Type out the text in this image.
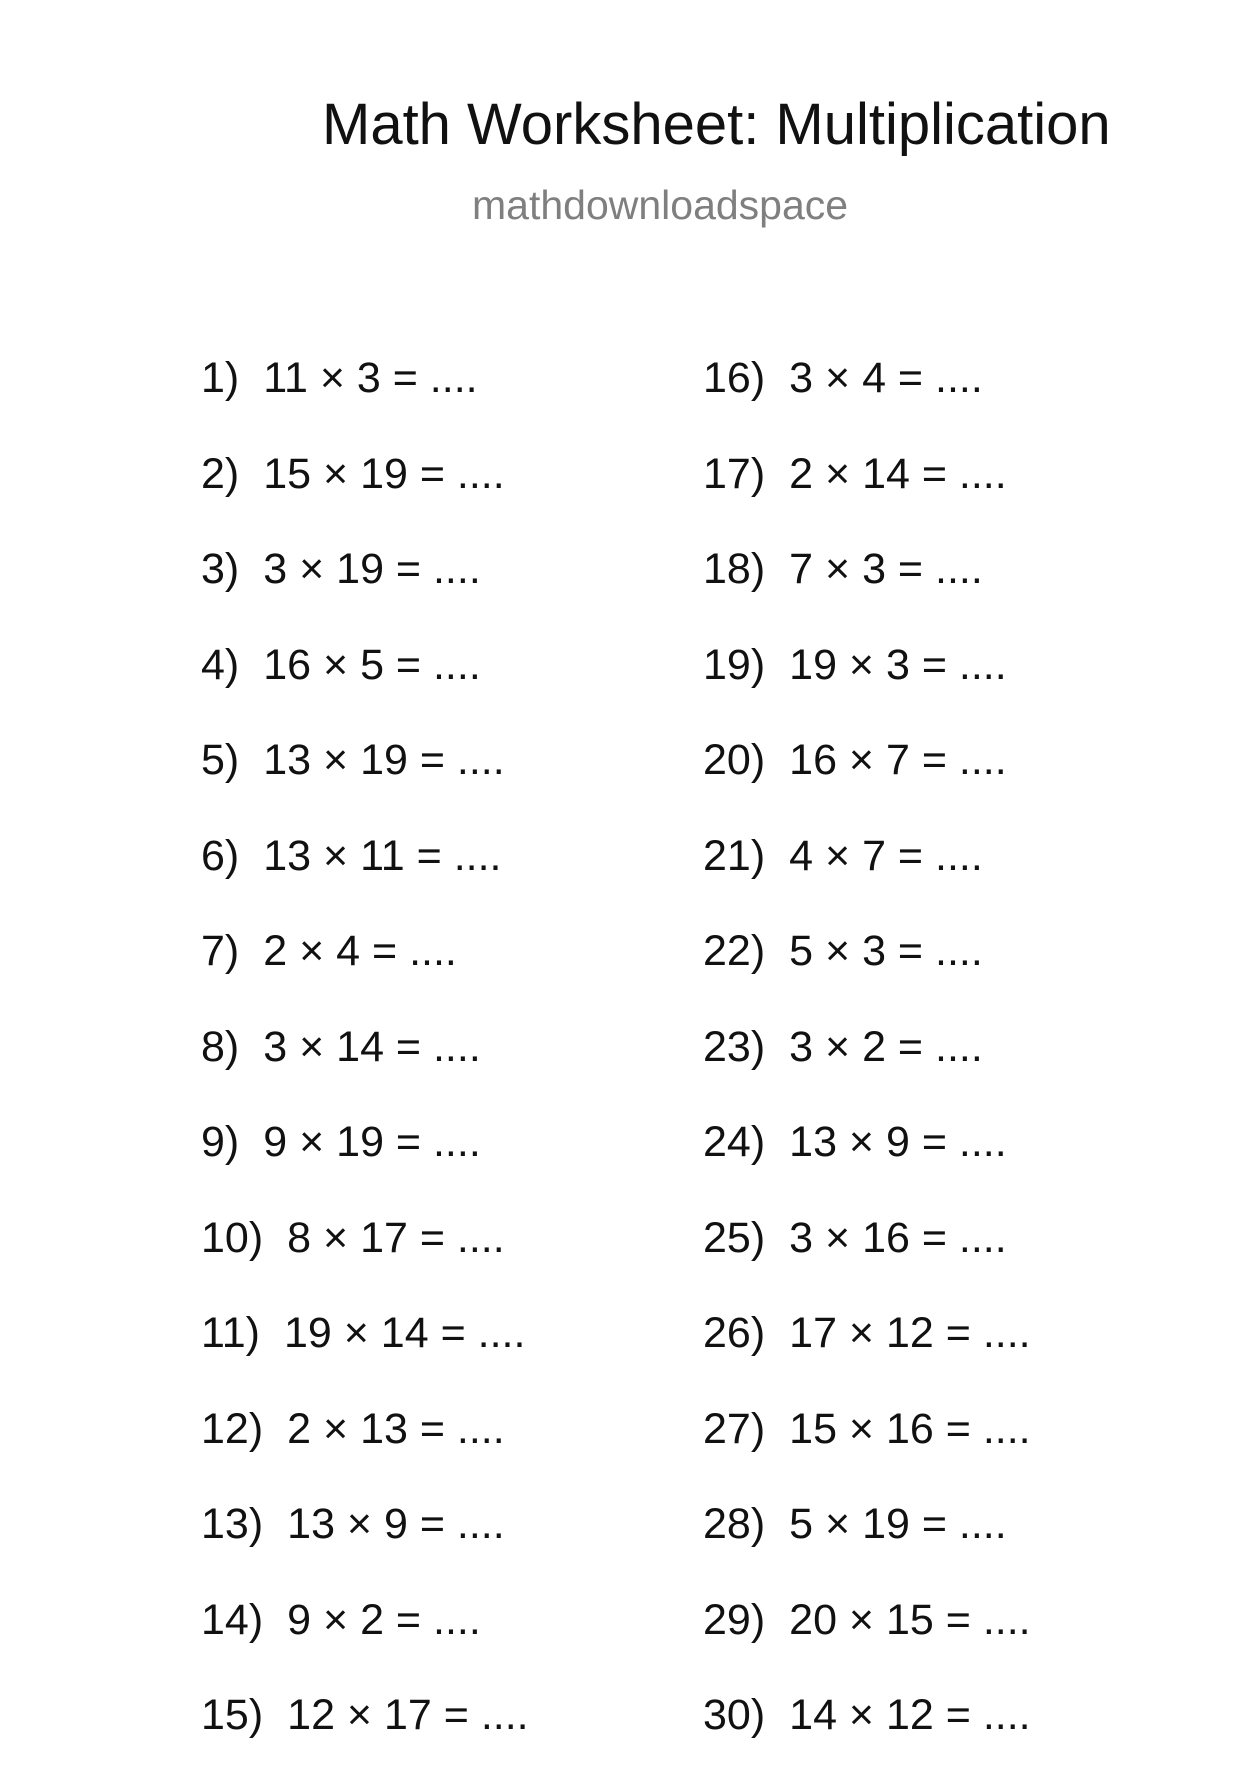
Math Worksheet: Multiplication
mathdownloadspace
1) 11 × 3 = ....
2) 15 × 19 = ....
3) 3 × 19 = ....
4) 16 × 5 = ....
5) 13 × 19 = ....
6) 13 × 11 = ....
7) 2 × 4 = ....
8) 3 × 14 = ....
9) 9 × 19 = ....
10) 8 × 17 = ....
11) 19 × 14 = ....
12) 2 × 13 = ....
13) 13 × 9 = ....
14) 9 × 2 = ....
15) 12 × 17 = ....
16) 3 × 4 = ....
17) 2 × 14 = ....
18) 7 × 3 = ....
19) 19 × 3 = ....
20) 16 × 7 = ....
21) 4 × 7 = ....
22) 5 × 3 = ....
23) 3 × 2 = ....
24) 13 × 9 = ....
25) 3 × 16 = ....
26) 17 × 12 = ....
27) 15 × 16 = ....
28) 5 × 19 = ....
29) 20 × 15 = ....
30) 14 × 12 = ....
